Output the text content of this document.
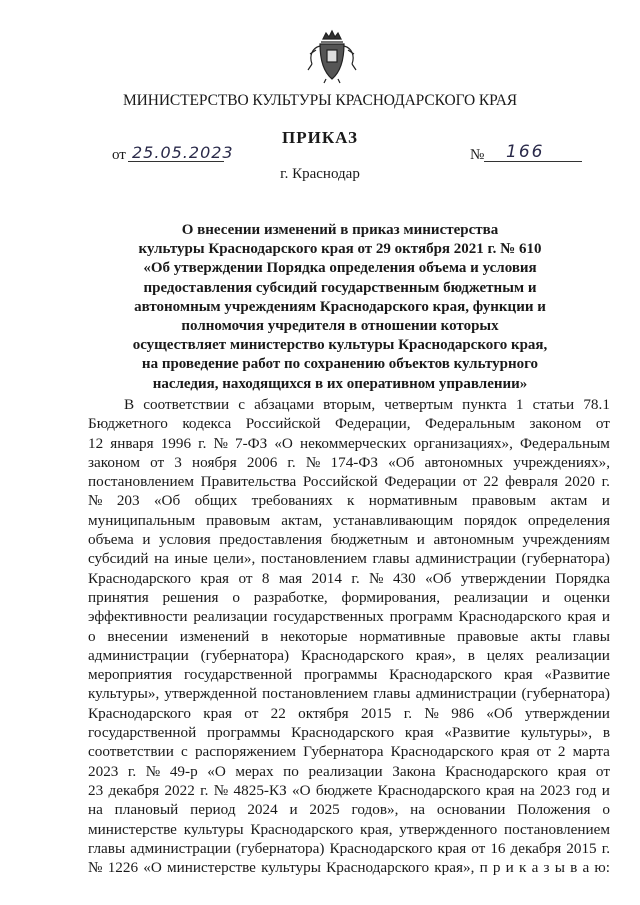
МИНИСТЕРСТВО КУЛЬТУРЫ КРАСНОДАРСКОГО КРАЯ
ПРИКАЗ
от 25.05.2023	№ 166
г. Краснодар
О внесении изменений в приказ министерства
культуры Краснодарского края от 29 октября 2021 г. № 610
«Об утверждении Порядка определения объема и условия
предоставления субсидий государственным бюджетным и
автономным учреждениям Краснодарского края, функции и
полномочия учредителя в отношении которых
осуществляет министерство культуры Краснодарского края,
на проведение работ по сохранению объектов культурного
наследия, находящихся в их оперативном управлении»
В соответствии с абзацами вторым, четвертым пункта 1 статьи 78.1
Бюджетного кодекса Российской Федерации, Федеральным законом от
12 января 1996 г. № 7-ФЗ «О некоммерческих организациях», Федеральным
законом от 3 ноября 2006 г. № 174-ФЗ «Об автономных учреждениях»,
постановлением Правительства Российской Федерации от 22 февраля 2020 г.
№ 203 «Об общих требованиях к нормативным правовым актам и
муниципальным правовым актам, устанавливающим порядок определения
объема и условия предоставления бюджетным и автономным учреждениям
субсидий на иные цели», постановлением главы администрации (губернатора)
Краснодарского края от 8 мая 2014 г. № 430 «Об утверждении Порядка
принятия решения о разработке, формирования, реализации и оценки
эффективности реализации государственных программ Краснодарского края и
о внесении изменений в некоторые нормативные правовые акты главы
администрации (губернатора) Краснодарского края», в целях реализации
мероприятия государственной программы Краснодарского края «Развитие
культуры», утвержденной постановлением главы администрации (губернатора)
Краснодарского края от 22 октября 2015 г. № 986 «Об утверждении
государственной программы Краснодарского края «Развитие культуры», в
соответствии с распоряжением Губернатора Краснодарского края от 2 марта
2023 г. № 49-р «О мерах по реализации Закона Краснодарского края от
23 декабря 2022 г. № 4825-КЗ «О бюджете Краснодарского края на 2023 год и
на плановый период 2024 и 2025 годов», на основании Положения о
министерстве культуры Краснодарского края, утвержденного постановлением
главы администрации (губернатора) Краснодарского края от 16 декабря 2015 г.
№ 1226 «О министерстве культуры Краснодарского края», п р и к а з ы в а ю:
